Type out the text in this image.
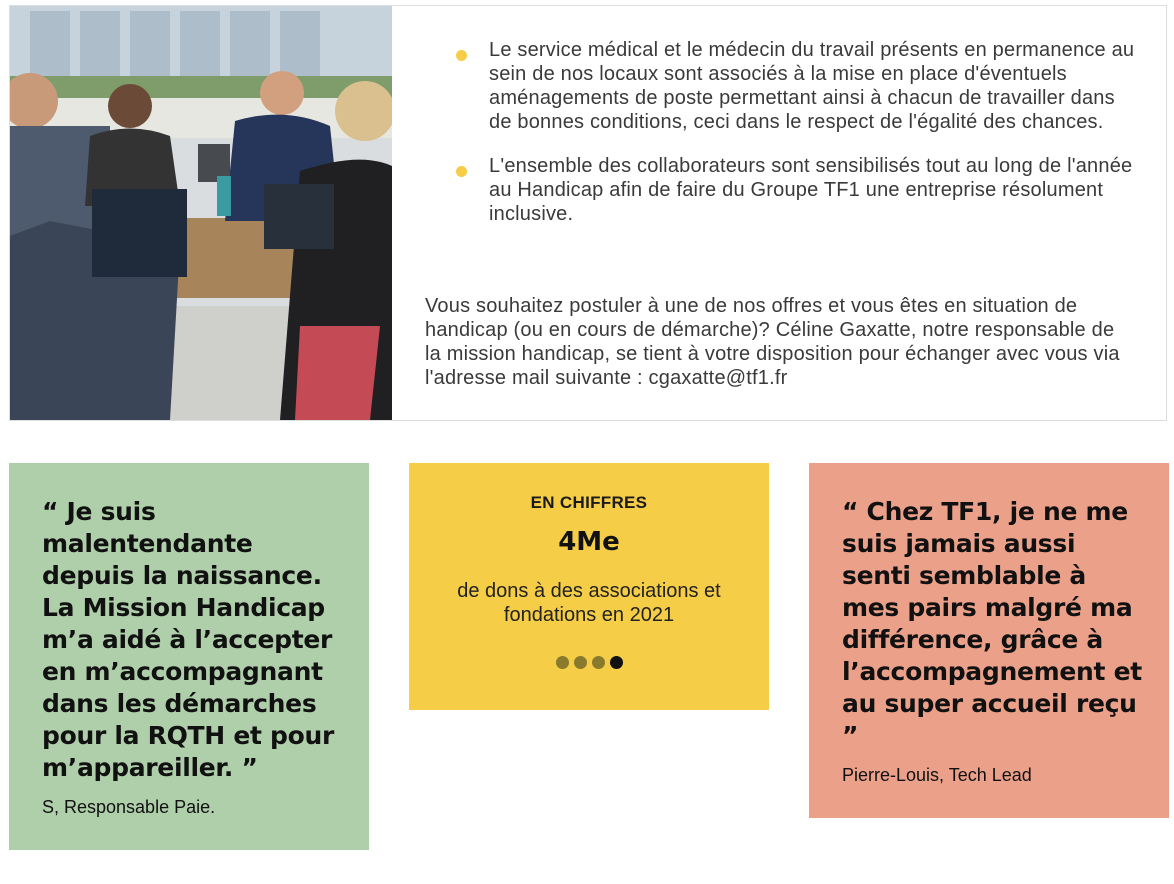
Le service médical et le médecin du travail présents en permanence au sein de nos locaux sont associés à la mise en place d'éventuels aménagements de poste permettant ainsi à chacun de travailler dans de bonnes conditions, ceci dans le respect de l'égalité des chances.
L'ensemble des collaborateurs sont sensibilisés tout au long de l'année au Handicap afin de faire du Groupe TF1 une entreprise résolument inclusive.

Vous souhaitez postuler à une de nos offres et vous êtes en situation de handicap (ou en cours de démarche)? Céline Gaxatte, notre responsable de la mission handicap, se tient à votre disposition pour échanger avec vous via l'adresse mail suivante : cgaxatte@tf1.fr

“ Je suis malentendante depuis la naissance. La Mission Handicap m’a aidé à l’accepter en m’accompagnant dans les démarches pour la RQTH et pour m’appareiller. ”

S, Responsable Paie.
EN CHIFFRES
4Me
de dons à des associations et fondations en 2021

“ Chez TF1, je ne me suis jamais aussi senti semblable à mes pairs malgré ma différence, grâce à l’accompagnement et au super accueil reçu ”

Pierre-Louis, Tech Lead
